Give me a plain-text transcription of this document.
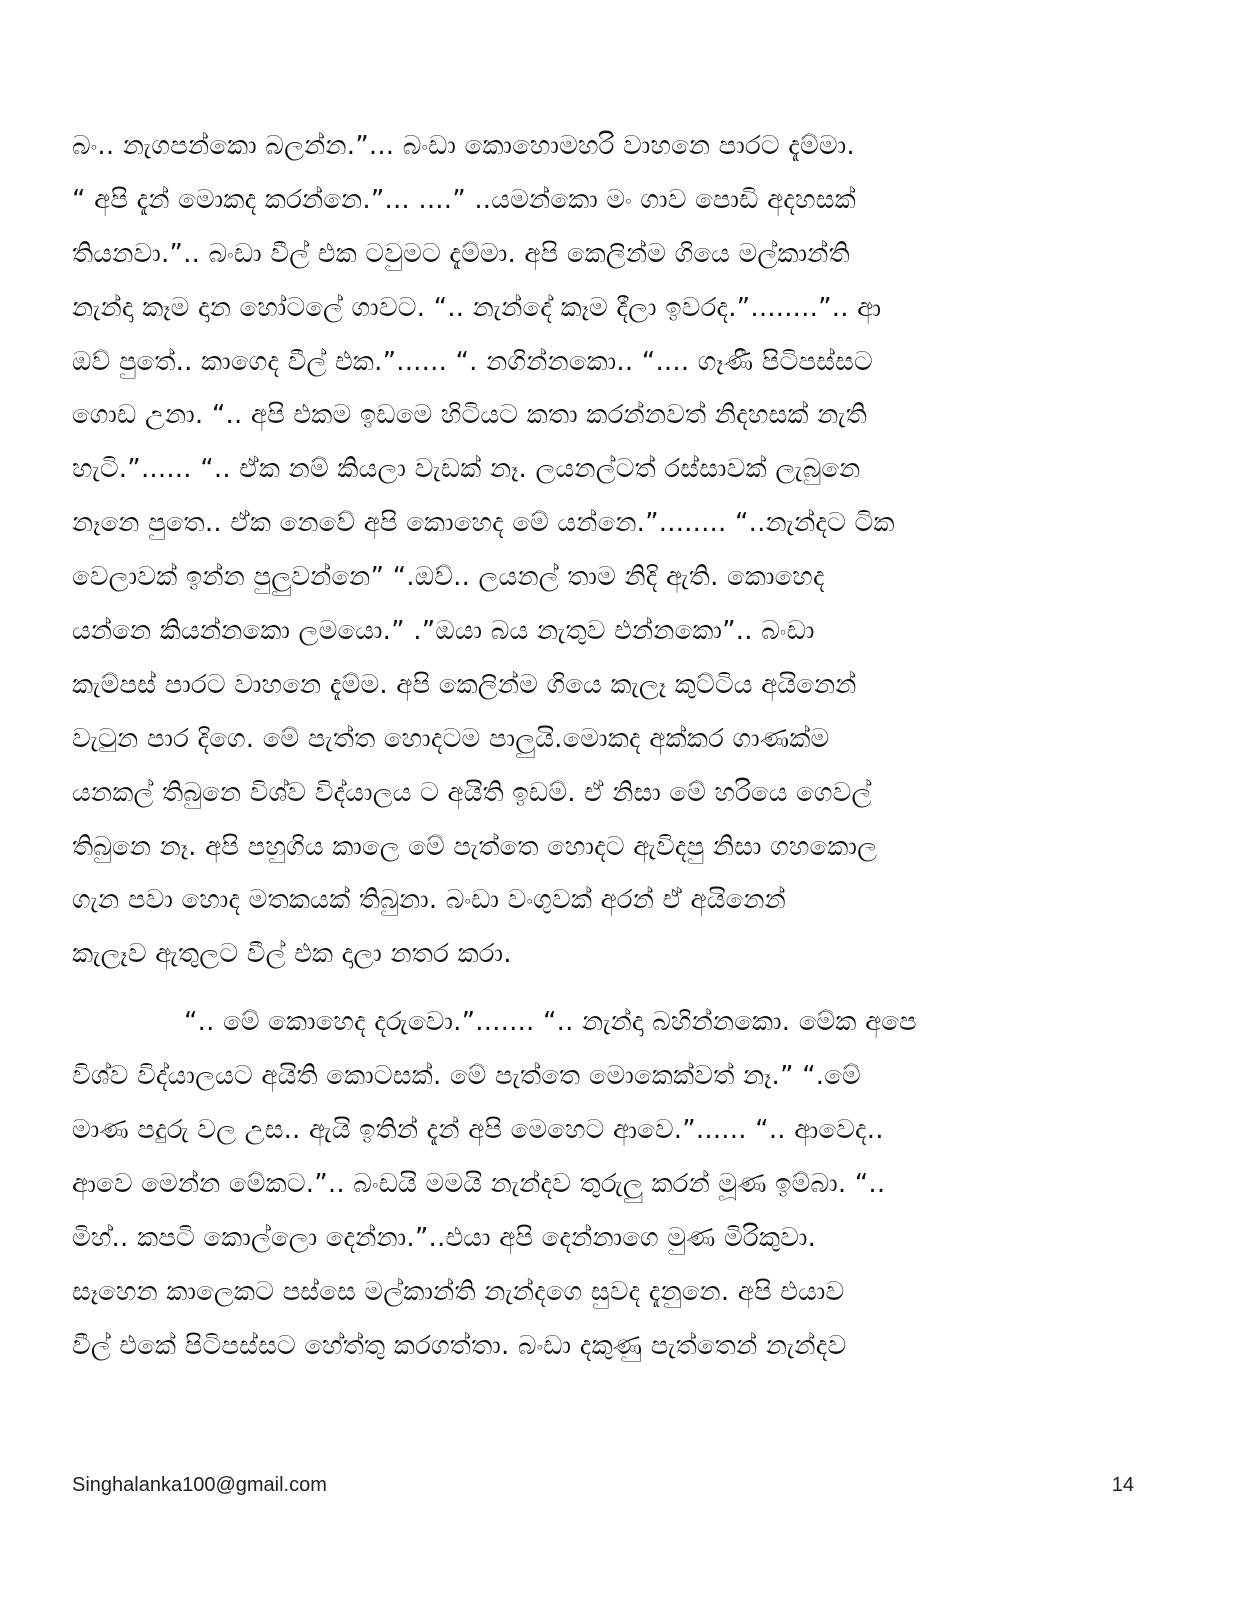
බං.. නැගපන්කො බලන්න.”... බංඩා කොහොමහරි වාහනෙ පාරට දැම්මා.
“ අපි දැන් මොකද කරන්නෙ.”... ....” ..යමන්කො මං ගාව පොඩි අදහසක්
තියනවා.”.. බංඩා වීල් එක ටවුමට දැම්මා. අපි කෙලින්ම ගියෙ මල්කාන්ති
නැන්දා කෑම දාන හෝටලේ ගාවට. “.. නැන්දේ කෑම දීලා ඉවරද.”........”.. ආ
ඔව් පුතේ.. කාගෙද වීල් එක.”...... “. නගින්නකො.. “.... ගෑණී පිටිපස්සට
ගොඩ උනා. “.. අපි එකම ඉඩමෙ හිටියට කතා කරන්නවත් නිදහසක් නැති
හැටි.”...... “.. ඒක නම් කියලා වැඩක් නෑ. ලයනල්ටත් රස්සාවක් ලැබුනෙ
නෑනෙ පුතෙ.. ඒක නෙවේ අපි කොහෙද මේ යන්නෙ.”........ “..නැන්දට ටික
වෙලාවක් ඉන්න පුලුවන්නෙ” “.ඔව්.. ලයනල් තාම නිදි ඇති. කොහෙද
යන්නෙ කියන්නකො ලමයො.” .”ඔයා බය නැතුව එන්නකො”.. බංඩා
කැම්පස් පාරට වාහනෙ දැම්ම. අපි කෙලින්ම ගියෙ කැලෑ කුට්ටිය අයිනෙන්
වැටුන පාර දිගෙ. මේ පැත්ත හොදටම පාලුයි.මොකද අක්කර ගාණක්ම
යනකල් තිබුනෙ විශ්ව විද්යාලය ට අයිති ඉඩම්. ඒ නිසා මේ හරියෙ ගෙවල්
තිබුනෙ නෑ. අපි පහුගිය කාලෙ මේ පැත්තෙ හොදට ඇවිදපු නිසා ගහකොල
ගැන පවා හොද මතකයක් තිබුනා. බංඩා වංගුවක් අරන් ඒ අයිනෙන්
කැලෑව ඇතුලට වීල් එක දාලා නතර කරා.
“.. මේ කොහෙද දරුවො.”....... “.. නැන්දා බහින්නකො. මේක අපෙ
විශ්ව විද්යාලයට අයිති කොටසක්. මේ පැත්තෙ මොකෙක්වත් නෑ.” “.මේ
මාණ පදුරු වල උස.. ඇයි ඉතින් දැන් අපි මෙහෙට ආවෙ.”...... “.. ආවෙද..
ආවෙ මෙන්න මේකට.”.. බංඩයි මමයි නැන්දව තුරුලු කරන් මූණ ඉම්බා. “..
මිහ්.. කපටි කොල්ලො දෙන්නා.”..එයා අපි දෙන්නාගෙ මුණ මිරිකුවා.
සෑහෙන කාලෙකට පස්සෙ මල්කාන්ති නැන්දගෙ සුවද දැනුනෙ. අපි එයාව
වීල් එකේ පිටිපස්සට හේත්තු කරගත්තා. බංඩා දකුණු පැත්තෙන් නැන්දව
Singhalanka100@gmail.com	14
